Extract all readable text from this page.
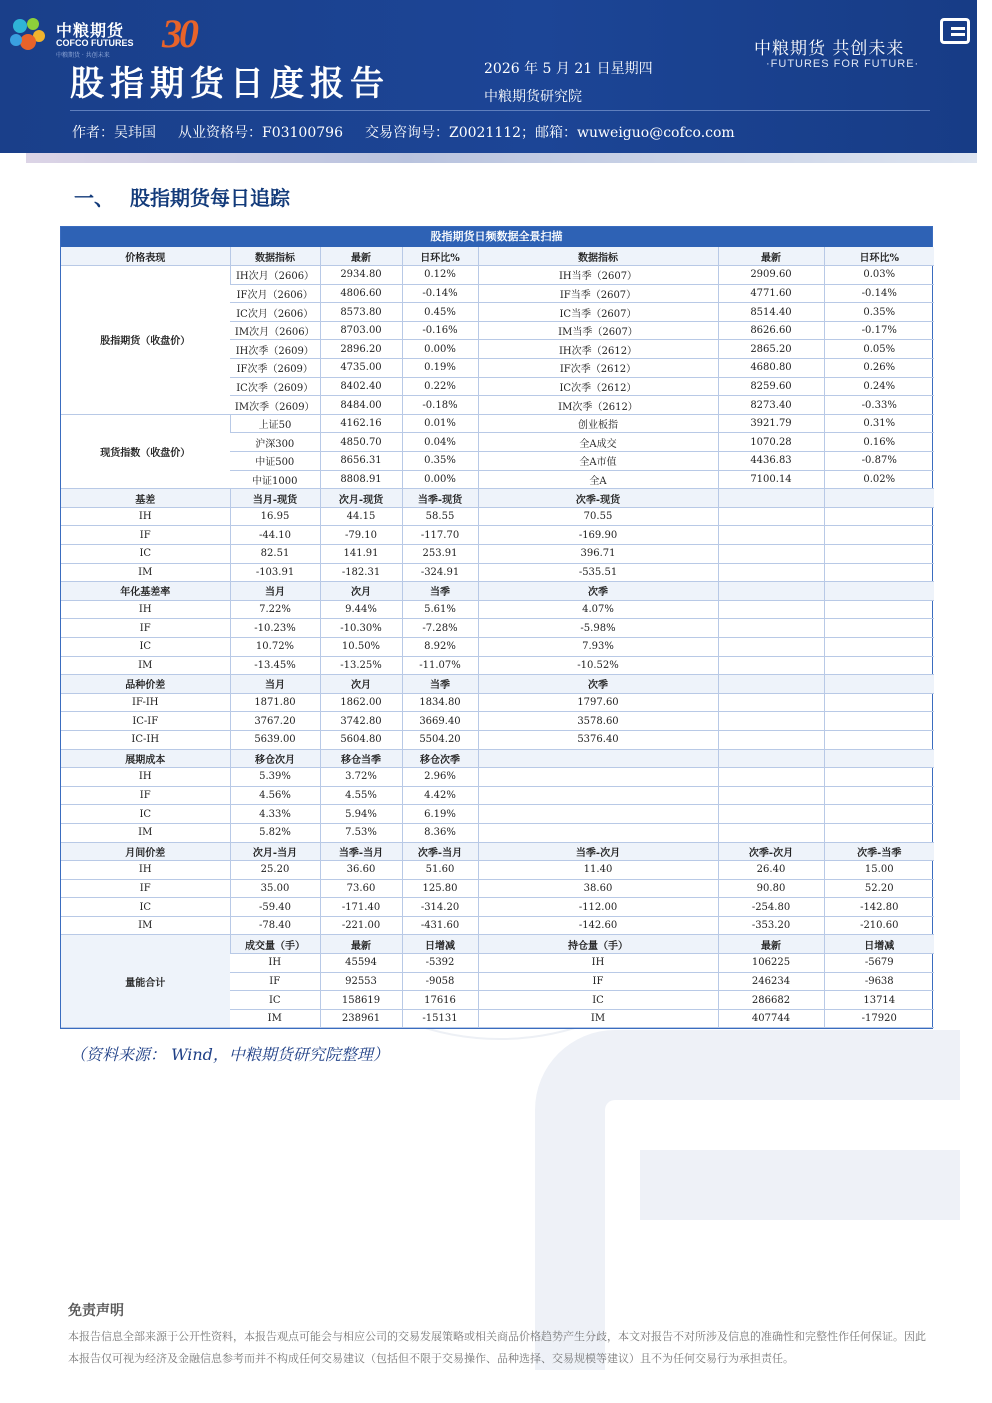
中粮期货
COFCO FUTURES
中粮期货 · 共创未来 30
股指期货日度报告	2026 年 5 月 21 日星期四
中粮期货研究院
中粮期货 共创未来
·FUTURES FOR FUTURE·
作者：吴玮国 从业资格号：F03100796 交易咨询号：Z0021112；邮箱：wuweiguo@cofco.com
一、 股指期货每日追踪
股指期货日频数据全景扫描
价格表现	数据指标	最新	日环比%	数据指标	最新	日环比%
股指期货（收盘价）	IH次月（2606）	2934.80	0.12%	IH当季（2607）	2909.60	0.03%
	IF次月（2606）	4806.60	-0.14%	IF当季（2607）	4771.60	-0.14%
	IC次月（2606）	8573.80	0.45%	IC当季（2607）	8514.40	0.35%
	IM次月（2606）	8703.00	-0.16%	IM当季（2607）	8626.60	-0.17%
	IH次季（2609）	2896.20	0.00%	IH次季（2612）	2865.20	0.05%
	IF次季（2609）	4735.00	0.19%	IF次季（2612）	4680.80	0.26%
	IC次季（2609）	8402.40	0.22%	IC次季（2612）	8259.60	0.24%
	IM次季（2609）	8484.00	-0.18%	IM次季（2612）	8273.40	-0.33%
现货指数（收盘价）	上证50	4162.16	0.01%	创业板指	3921.79	0.31%
	沪深300	4850.70	0.04%	全A成交	1070.28	0.16%
	中证500	8656.31	0.35%	全A市值	4436.83	-0.87%
	中证1000	8808.91	0.00%	全A	7100.14	0.02%
基差	当月-现货	次月-现货	当季-现货	次季-现货		
IH	16.95	44.15	58.55	70.55		
IF	-44.10	-79.10	-117.70	-169.90		
IC	82.51	141.91	253.91	396.71		
IM	-103.91	-182.31	-324.91	-535.51		
年化基差率	当月	次月	当季	次季		
IH	7.22%	9.44%	5.61%	4.07%		
IF	-10.23%	-10.30%	-7.28%	-5.98%		
IC	10.72%	10.50%	8.92%	7.93%		
IM	-13.45%	-13.25%	-11.07%	-10.52%		
品种价差	当月	次月	当季	次季		
IF-IH	1871.80	1862.00	1834.80	1797.60		
IC-IF	3767.20	3742.80	3669.40	3578.60		
IC-IH	5639.00	5604.80	5504.20	5376.40		
展期成本	移仓次月	移仓当季	移仓次季			
IH	5.39%	3.72%	2.96%			
IF	4.56%	4.55%	4.42%			
IC	4.33%	5.94%	6.19%			
IM	5.82%	7.53%	8.36%			
月间价差	次月-当月	当季-当月	次季-当月	当季-次月	次季-次月	次季-当季
IH	25.20	36.60	51.60	11.40	26.40	15.00
IF	35.00	73.60	125.80	38.60	90.80	52.20
IC	-59.40	-171.40	-314.20	-112.00	-254.80	-142.80
IM	-78.40	-221.00	-431.60	-142.60	-353.20	-210.60
量能合计	成交量（手）	最新	日增减	持仓量（手）	最新	日增减
	IH	45594	-5392	IH	106225	-5679
	IF	92553	-9058	IF	246234	-9638
	IC	158619	17616	IC	286682	13714
	IM	238961	-15131	IM	407744	-17920
（资料来源： Wind，中粮期货研究院整理）
免责声明
本报告信息全部来源于公开性资料，本报告观点可能会与相应公司的交易发展策略或相关商品价格趋势产生分歧，本文对报告不对所涉及信息的准确性和完整性作任何保证。因此本报告仅可视为经济及金融信息参考而并不构成任何交易建议（包括但不限于交易操作、品种选择、交易规模等建议）且不为任何交易行为承担责任。
